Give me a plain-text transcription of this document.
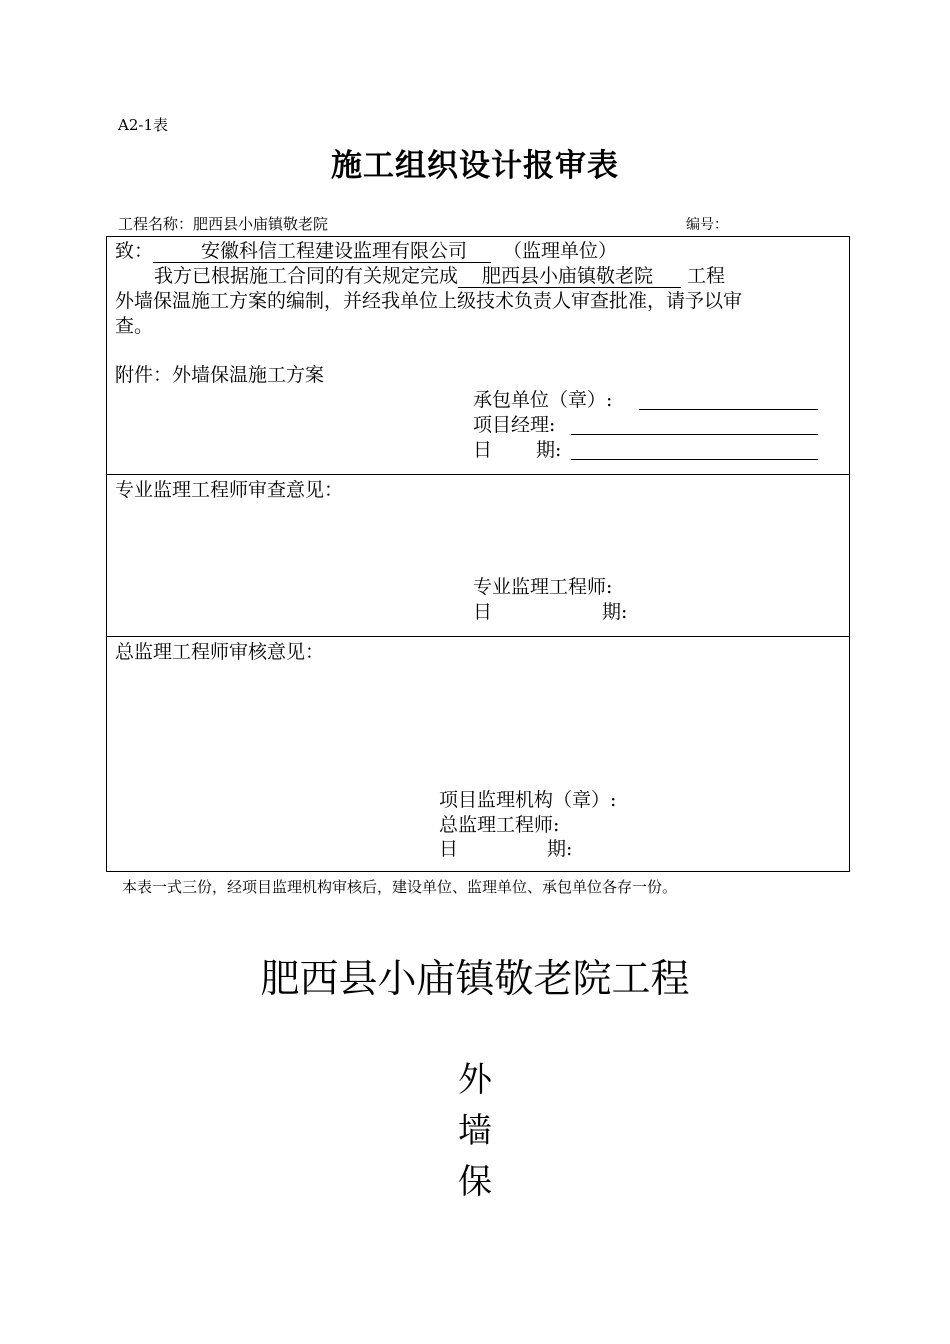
A2-1表
施工组织设计报审表
工程名称：肥西县小庙镇敬老院	编号：
致：	安徽科信工程建设监理有限公司 （监理单位）
我方已根据施工合同的有关规定完成 肥西县小庙镇敬老院 工程
外墙保温施工方案的编制，并经我单位上级技术负责人审查批准，请予以审
查。
附件：外墙保温施工方案
承包单位（章）:
项目经理:
日 期:
专业监理工程师审查意见：
专业监理工程师:
日	期:
总监理工程师审核意见：
项目监理机构（章）:
总监理工程师:
日	期:
本表一式三份，经项目监理机构审核后，建设单位、监理单位、承包单位各存一份。
肥西县小庙镇敬老院工程
外
墙
保
